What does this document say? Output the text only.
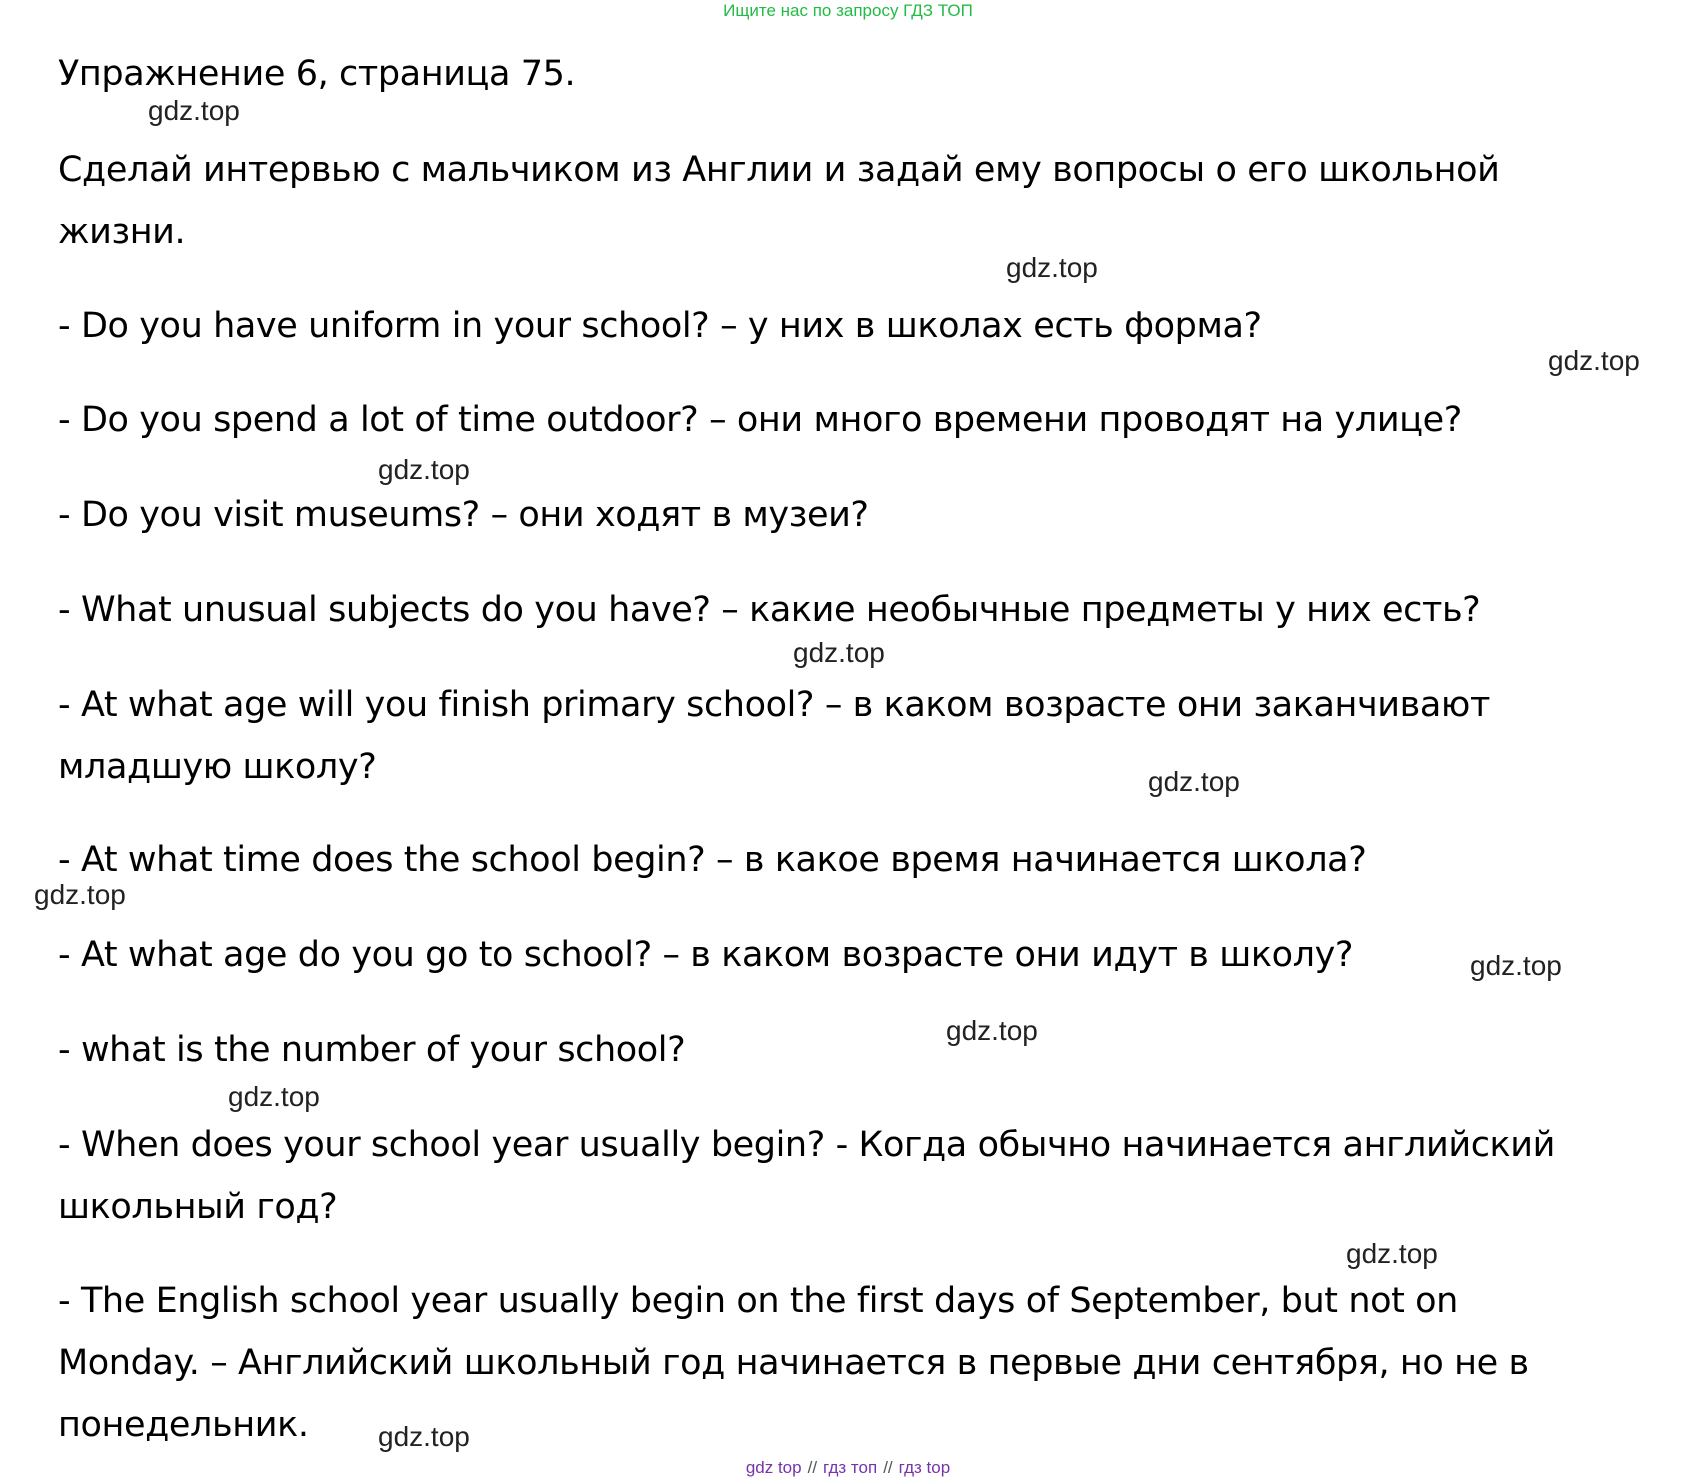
Ищите нас по запросу ГДЗ ТОП

Упражнение 6, страница 75.

Сделай интервью с мальчиком из Англии и задай ему вопросы о его школьной

жизни.

- Do you have uniform in your school? – у них в школах есть форма?

- Do you spend a lot of time outdoor? – они много времени проводят на улице?

- Do you visit museums? – они ходят в музеи?

- What unusual subjects do you have? – какие необычные предметы у них есть?

- At what age will you finish primary school? – в каком возрасте они заканчивают

младшую школу?

- At what time does the school begin? – в какое время начинается школа?

- At what age do you go to school? – в каком возрасте они идут в школу?

- what is the number of your school?

- When does your school year usually begin? - Когда обычно начинается английский

школьный год?

- The English school year usually begin on the first days of September, but not on

Monday. – Английский школьный год начинается в первые дни сентября, но не в

понедельник.

gdz.top
gdz.top
gdz.top
gdz.top
gdz.top
gdz.top
gdz.top
gdz.top
gdz.top
gdz.top
gdz.top
gdz.top
gdz top // гдз топ // гдз top
